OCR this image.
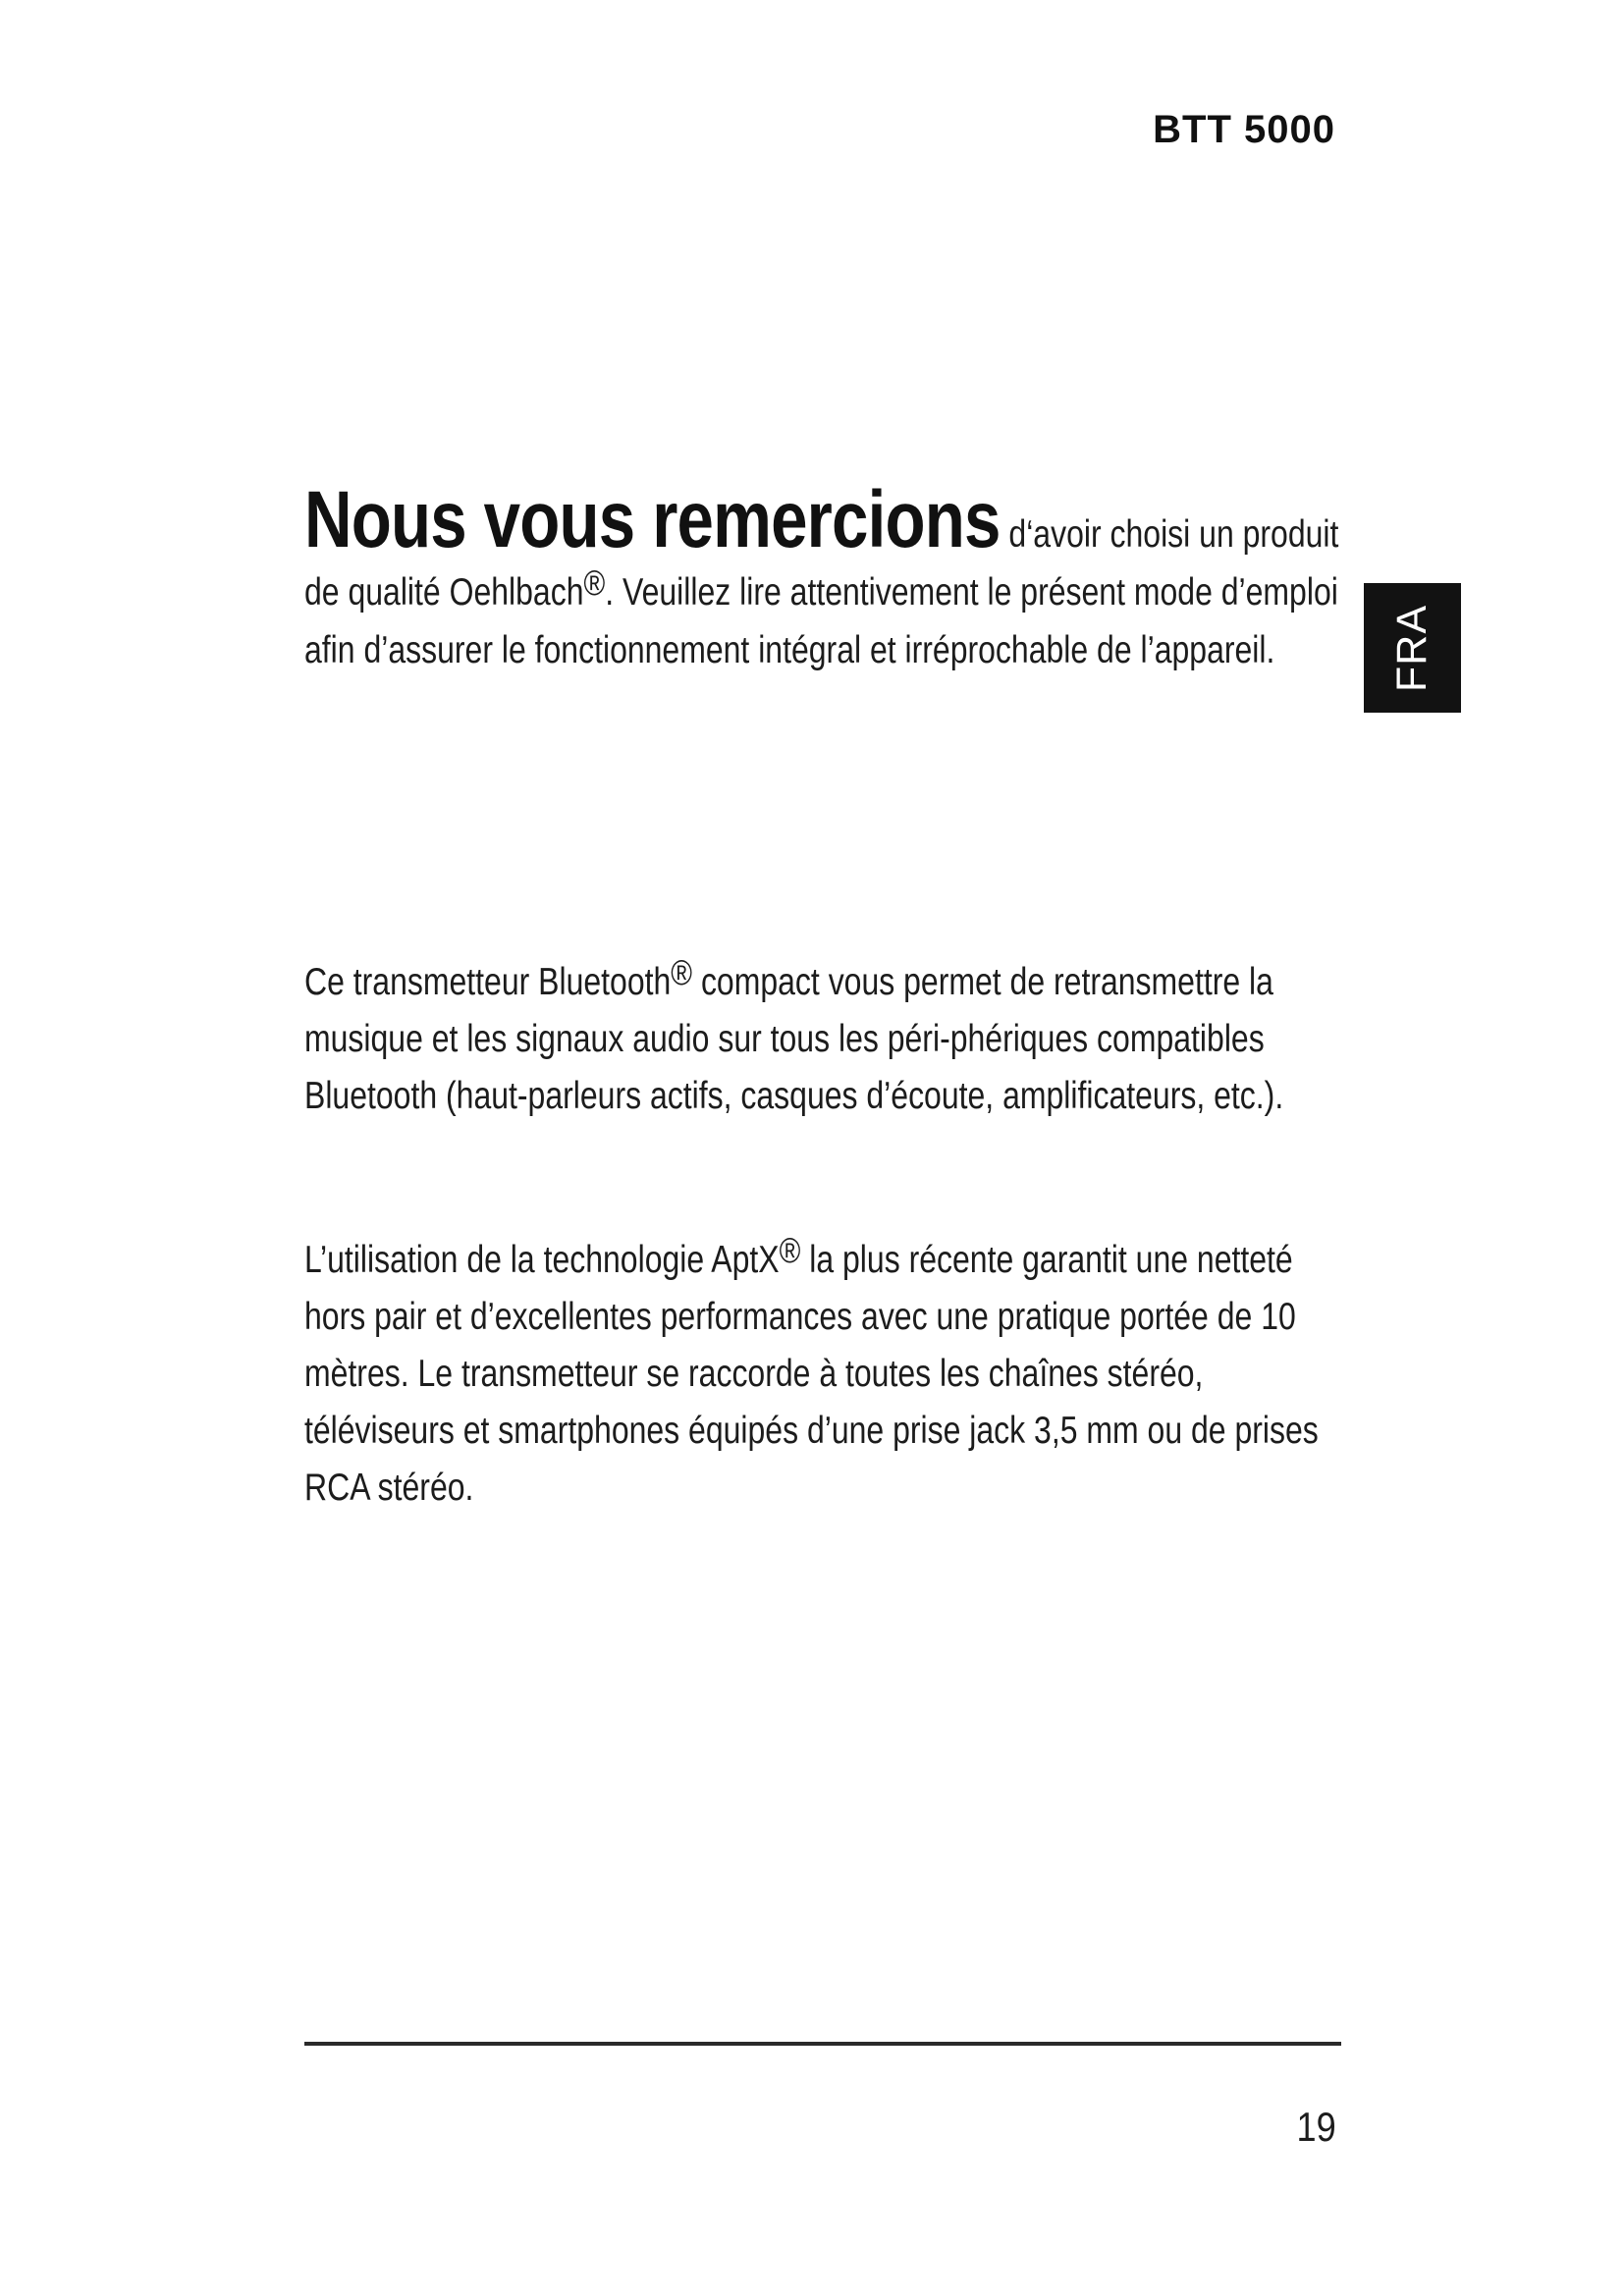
BTT 5000
FRA

Nous vous remercions d‘avoir choisi un produit de qualité Oehlbach®. Veuillez lire attentivement le présent mode d’emploi afin d’assurer le fonctionnement intégral et irréprochable de l’appareil.

Ce transmetteur Bluetooth® compact vous permet de retransmettre la musique et les signaux audio sur tous les péri-phériques compatibles Bluetooth (haut-parleurs actifs, casques d’écoute, amplificateurs, etc.).

L’utilisation de la technologie AptX® la plus récente garantit une netteté hors pair et d’excellentes performances avec une pratique portée de 10 mètres. Le transmetteur se raccorde à toutes les chaînes stéréo, téléviseurs et smartphones équipés d’une prise jack 3,5 mm ou de prises RCA stéréo.

19
